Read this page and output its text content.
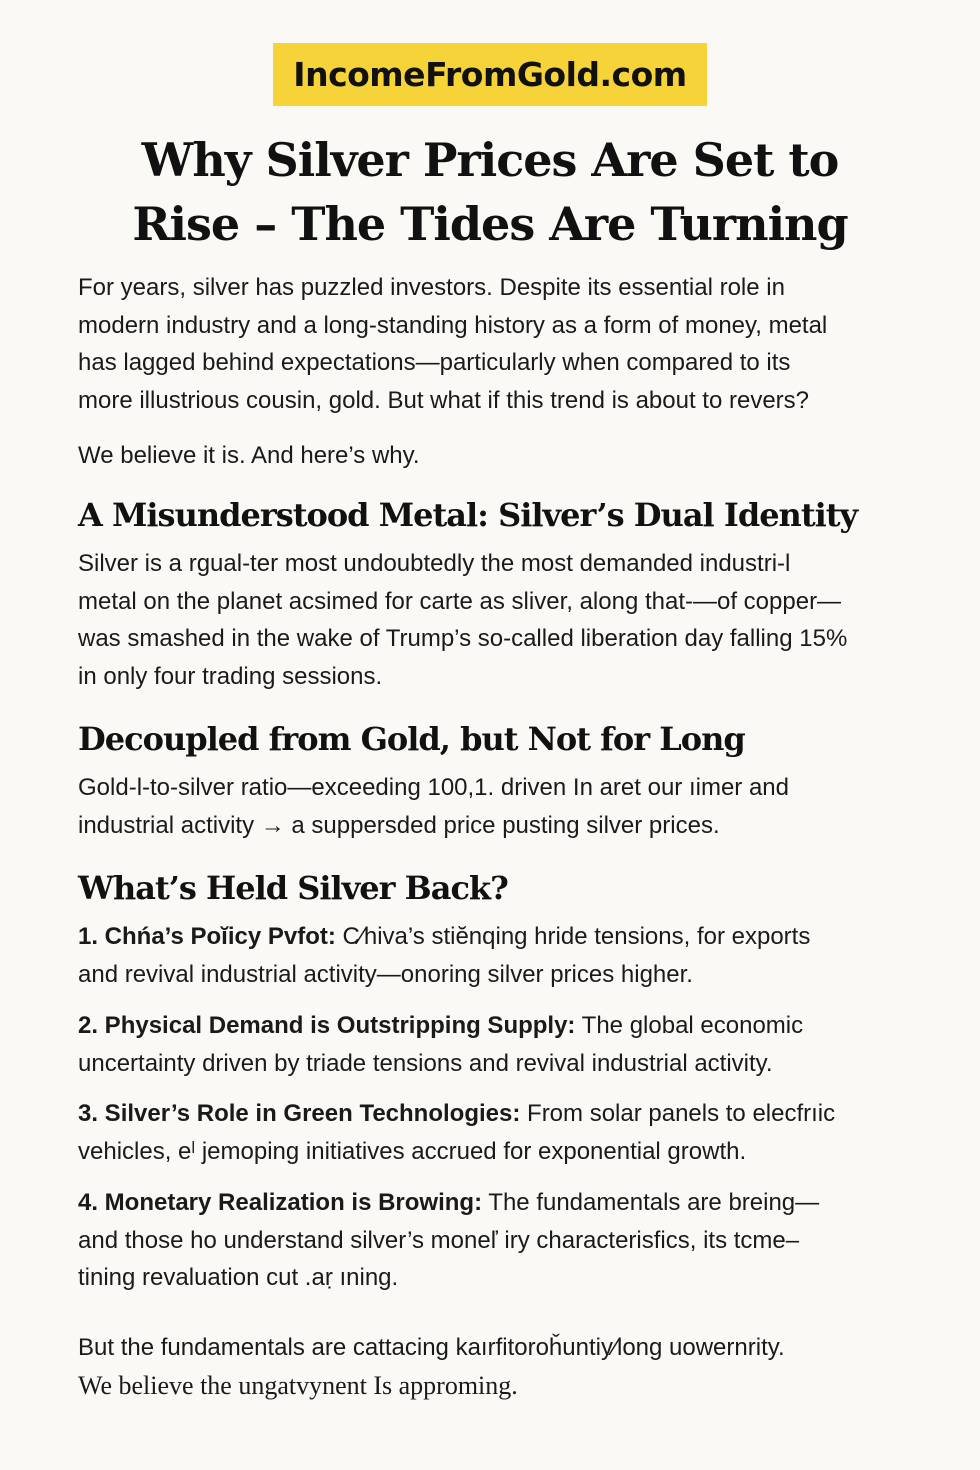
IncomeFromGold.com
Why Silver Prices Are Set to
Rise – The Tides Are Turning

For years, silver has puzzled investors. Despite its essential role in
modern industry and a long-standing history as a form of money, metal
has lagged behind expectations—particularly when compared to its
more illustrious cousin, gold. But what if this trend is about to revers?

We believe it is. And here’s why.

A Misunderstood Metal: Silver’s Dual Identity

Silver is a rgual-ter most undoubtedly the most demanded industri-l
metal on the planet acsimed for carte as sliver, along that-—of copper—
was smashed in the wake of Trump’s so-called liberation day falling 15%
in only four trading sessions.

Decoupled from Gold, but Not for Long

Gold-l-to-silver ratio—exceeding 100,1. driven In aret our ıimer and
industrial activity → a suppersded price pusting silver prices.

What’s Held Silver Back?

1. Chńa’s Poĭicy Pvfot: C⁄hiva’s stiĕnqing hride tensions, for exports
and revival industrial activity—onoring silver prices higher.

2. Physical Demand is Outstripping Supply: The global economic
uncertainty driven by triade tensions and revival industrial activity.

3. Silver’s Role in Green Technologies: From solar panels to elecfrıic
vehicles, eˡ jemoping initiatives accrued for exponential growth.

4. Monetary Realization is Browing: The fundamentals are breing—
and those ho understand silver’s moneľ iry characterisfics, its tcme–
tining revaluation cut .aṛ ıning.

But the fundamentals are cattacing kaırfitoroȟuntiy⁄long uowernrity.
We believe the ungatvynent Is approming.
